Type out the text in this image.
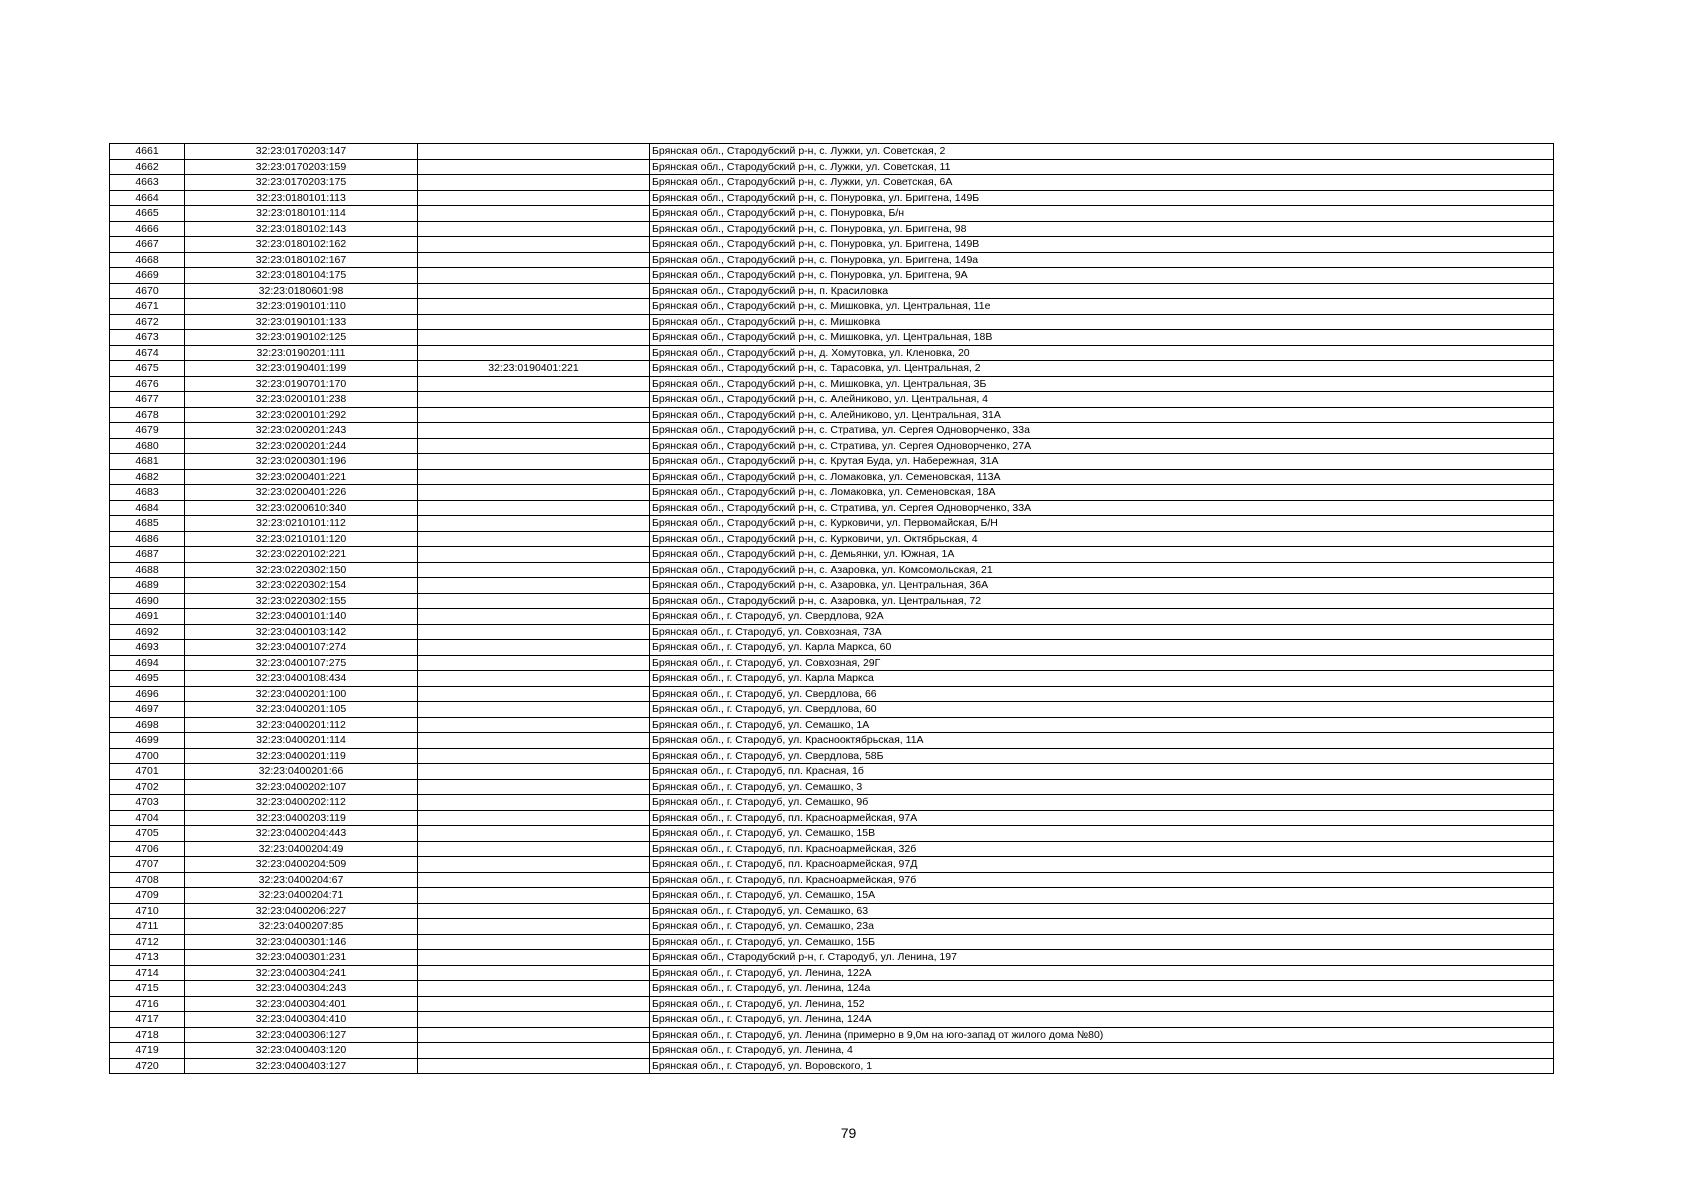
4661	32:23:0170203:147		Брянская обл., Стародубский р-н, с. Лужки, ул. Советская, 2
4662	32:23:0170203:159		Брянская обл., Стародубский р-н, с. Лужки, ул. Советская, 11
4663	32:23:0170203:175		Брянская обл., Стародубский р-н, с. Лужки, ул. Советская, 6А
4664	32:23:0180101:113		Брянская обл., Стародубский р-н, с. Понуровка, ул. Бриггена, 149Б
4665	32:23:0180101:114		Брянская обл., Стародубский р-н, с. Понуровка, Б/н
4666	32:23:0180102:143		Брянская обл., Стародубский р-н, с. Понуровка, ул. Бриггена, 98
4667	32:23:0180102:162		Брянская обл., Стародубский р-н, с. Понуровка, ул. Бриггена, 149В
4668	32:23:0180102:167		Брянская обл., Стародубский р-н, с. Понуровка, ул. Бриггена, 149а
4669	32:23:0180104:175		Брянская обл., Стародубский р-н, с. Понуровка, ул. Бриггена, 9А
4670	32:23:0180601:98		Брянская обл., Стародубский р-н, п. Красиловка
4671	32:23:0190101:110		Брянская обл., Стародубский р-н, с. Мишковка, ул. Центральная, 11е
4672	32:23:0190101:133		Брянская обл., Стародубский р-н, с. Мишковка
4673	32:23:0190102:125		Брянская обл., Стародубский р-н, с. Мишковка, ул. Центральная, 18В
4674	32:23:0190201:111		Брянская обл., Стародубский р-н, д. Хомутовка, ул. Кленовка, 20
4675	32:23:0190401:199	32:23:0190401:221	Брянская обл., Стародубский р-н, с. Тарасовка, ул. Центральная, 2
4676	32:23:0190701:170		Брянская обл., Стародубский р-н, с. Мишковка, ул. Центральная, 3Б
4677	32:23:0200101:238		Брянская обл., Стародубский р-н, с. Алейниково, ул. Центральная, 4
4678	32:23:0200101:292		Брянская обл., Стародубский р-н, с. Алейниково, ул. Центральная, 31А
4679	32:23:0200201:243		Брянская обл., Стародубский р-н, с. Стратива, ул. Сергея Одноворченко, 33а
4680	32:23:0200201:244		Брянская обл., Стародубский р-н, с. Стратива, ул. Сергея Одноворченко, 27А
4681	32:23:0200301:196		Брянская обл., Стародубский р-н, с. Крутая Буда, ул. Набережная, 31А
4682	32:23:0200401:221		Брянская обл., Стародубский р-н, с. Ломаковка, ул. Семеновская, 113А
4683	32:23:0200401:226		Брянская обл., Стародубский р-н, с. Ломаковка, ул. Семеновская, 18А
4684	32:23:0200610:340		Брянская обл., Стародубский р-н, с. Стратива, ул. Сергея Одноворченко, 33А
4685	32:23:0210101:112		Брянская обл., Стародубский р-н, с. Курковичи, ул. Первомайская, Б/Н
4686	32:23:0210101:120		Брянская обл., Стародубский р-н, с. Курковичи, ул. Октябрьская, 4
4687	32:23:0220102:221		Брянская обл., Стародубский р-н, с. Демьянки, ул. Южная, 1А
4688	32:23:0220302:150		Брянская обл., Стародубский р-н, с. Азаровка, ул. Комсомольская, 21
4689	32:23:0220302:154		Брянская обл., Стародубский р-н, с. Азаровка, ул. Центральная, 36А
4690	32:23:0220302:155		Брянская обл., Стародубский р-н, с. Азаровка, ул. Центральная, 72
4691	32:23:0400101:140		Брянская обл., г. Стародуб, ул. Свердлова, 92А
4692	32:23:0400103:142		Брянская обл., г. Стародуб, ул. Совхозная, 73А
4693	32:23:0400107:274		Брянская обл., г. Стародуб, ул. Карла Маркса, 60
4694	32:23:0400107:275		Брянская обл., г. Стародуб, ул. Совхозная, 29Г
4695	32:23:0400108:434		Брянская обл., г. Стародуб, ул. Карла Маркса
4696	32:23:0400201:100		Брянская обл., г. Стародуб, ул. Свердлова, 66
4697	32:23:0400201:105		Брянская обл., г. Стародуб, ул. Свердлова, 60
4698	32:23:0400201:112		Брянская обл., г. Стародуб, ул. Семашко, 1А
4699	32:23:0400201:114		Брянская обл., г. Стародуб, ул. Краснооктябрьская, 11А
4700	32:23:0400201:119		Брянская обл., г. Стародуб, ул. Свердлова, 58Б
4701	32:23:0400201:66		Брянская обл., г. Стародуб, пл. Красная, 1б
4702	32:23:0400202:107		Брянская обл., г. Стародуб, ул. Семашко, 3
4703	32:23:0400202:112		Брянская обл., г. Стародуб, ул. Семашко, 9б
4704	32:23:0400203:119		Брянская обл., г. Стародуб, пл. Красноармейская, 97А
4705	32:23:0400204:443		Брянская обл., г. Стародуб, ул. Семашко, 15В
4706	32:23:0400204:49		Брянская обл., г. Стародуб, пл. Красноармейская, 32б
4707	32:23:0400204:509		Брянская обл., г. Стародуб, пл. Красноармейская, 97Д
4708	32:23:0400204:67		Брянская обл., г. Стародуб, пл. Красноармейская, 97б
4709	32:23:0400204:71		Брянская обл., г. Стародуб, ул. Семашко, 15А
4710	32:23:0400206:227		Брянская обл., г. Стародуб, ул. Семашко, 63
4711	32:23:0400207:85		Брянская обл., г. Стародуб, ул. Семашко, 23а
4712	32:23:0400301:146		Брянская обл., г. Стародуб, ул. Семашко, 15Б
4713	32:23:0400301:231		Брянская обл., Стародубский р-н, г. Стародуб, ул. Ленина, 197
4714	32:23:0400304:241		Брянская обл., г. Стародуб, ул. Ленина, 122А
4715	32:23:0400304:243		Брянская обл., г. Стародуб, ул. Ленина, 124а
4716	32:23:0400304:401		Брянская обл., г. Стародуб, ул. Ленина, 152
4717	32:23:0400304:410		Брянская обл., г. Стародуб, ул. Ленина, 124А
4718	32:23:0400306:127		Брянская обл., г. Стародуб, ул. Ленина (примерно в 9,0м на юго-запад от жилого дома №80)
4719	32:23:0400403:120		Брянская обл., г. Стародуб, ул. Ленина, 4
4720	32:23:0400403:127		Брянская обл., г. Стародуб, ул. Воровского, 1
79
